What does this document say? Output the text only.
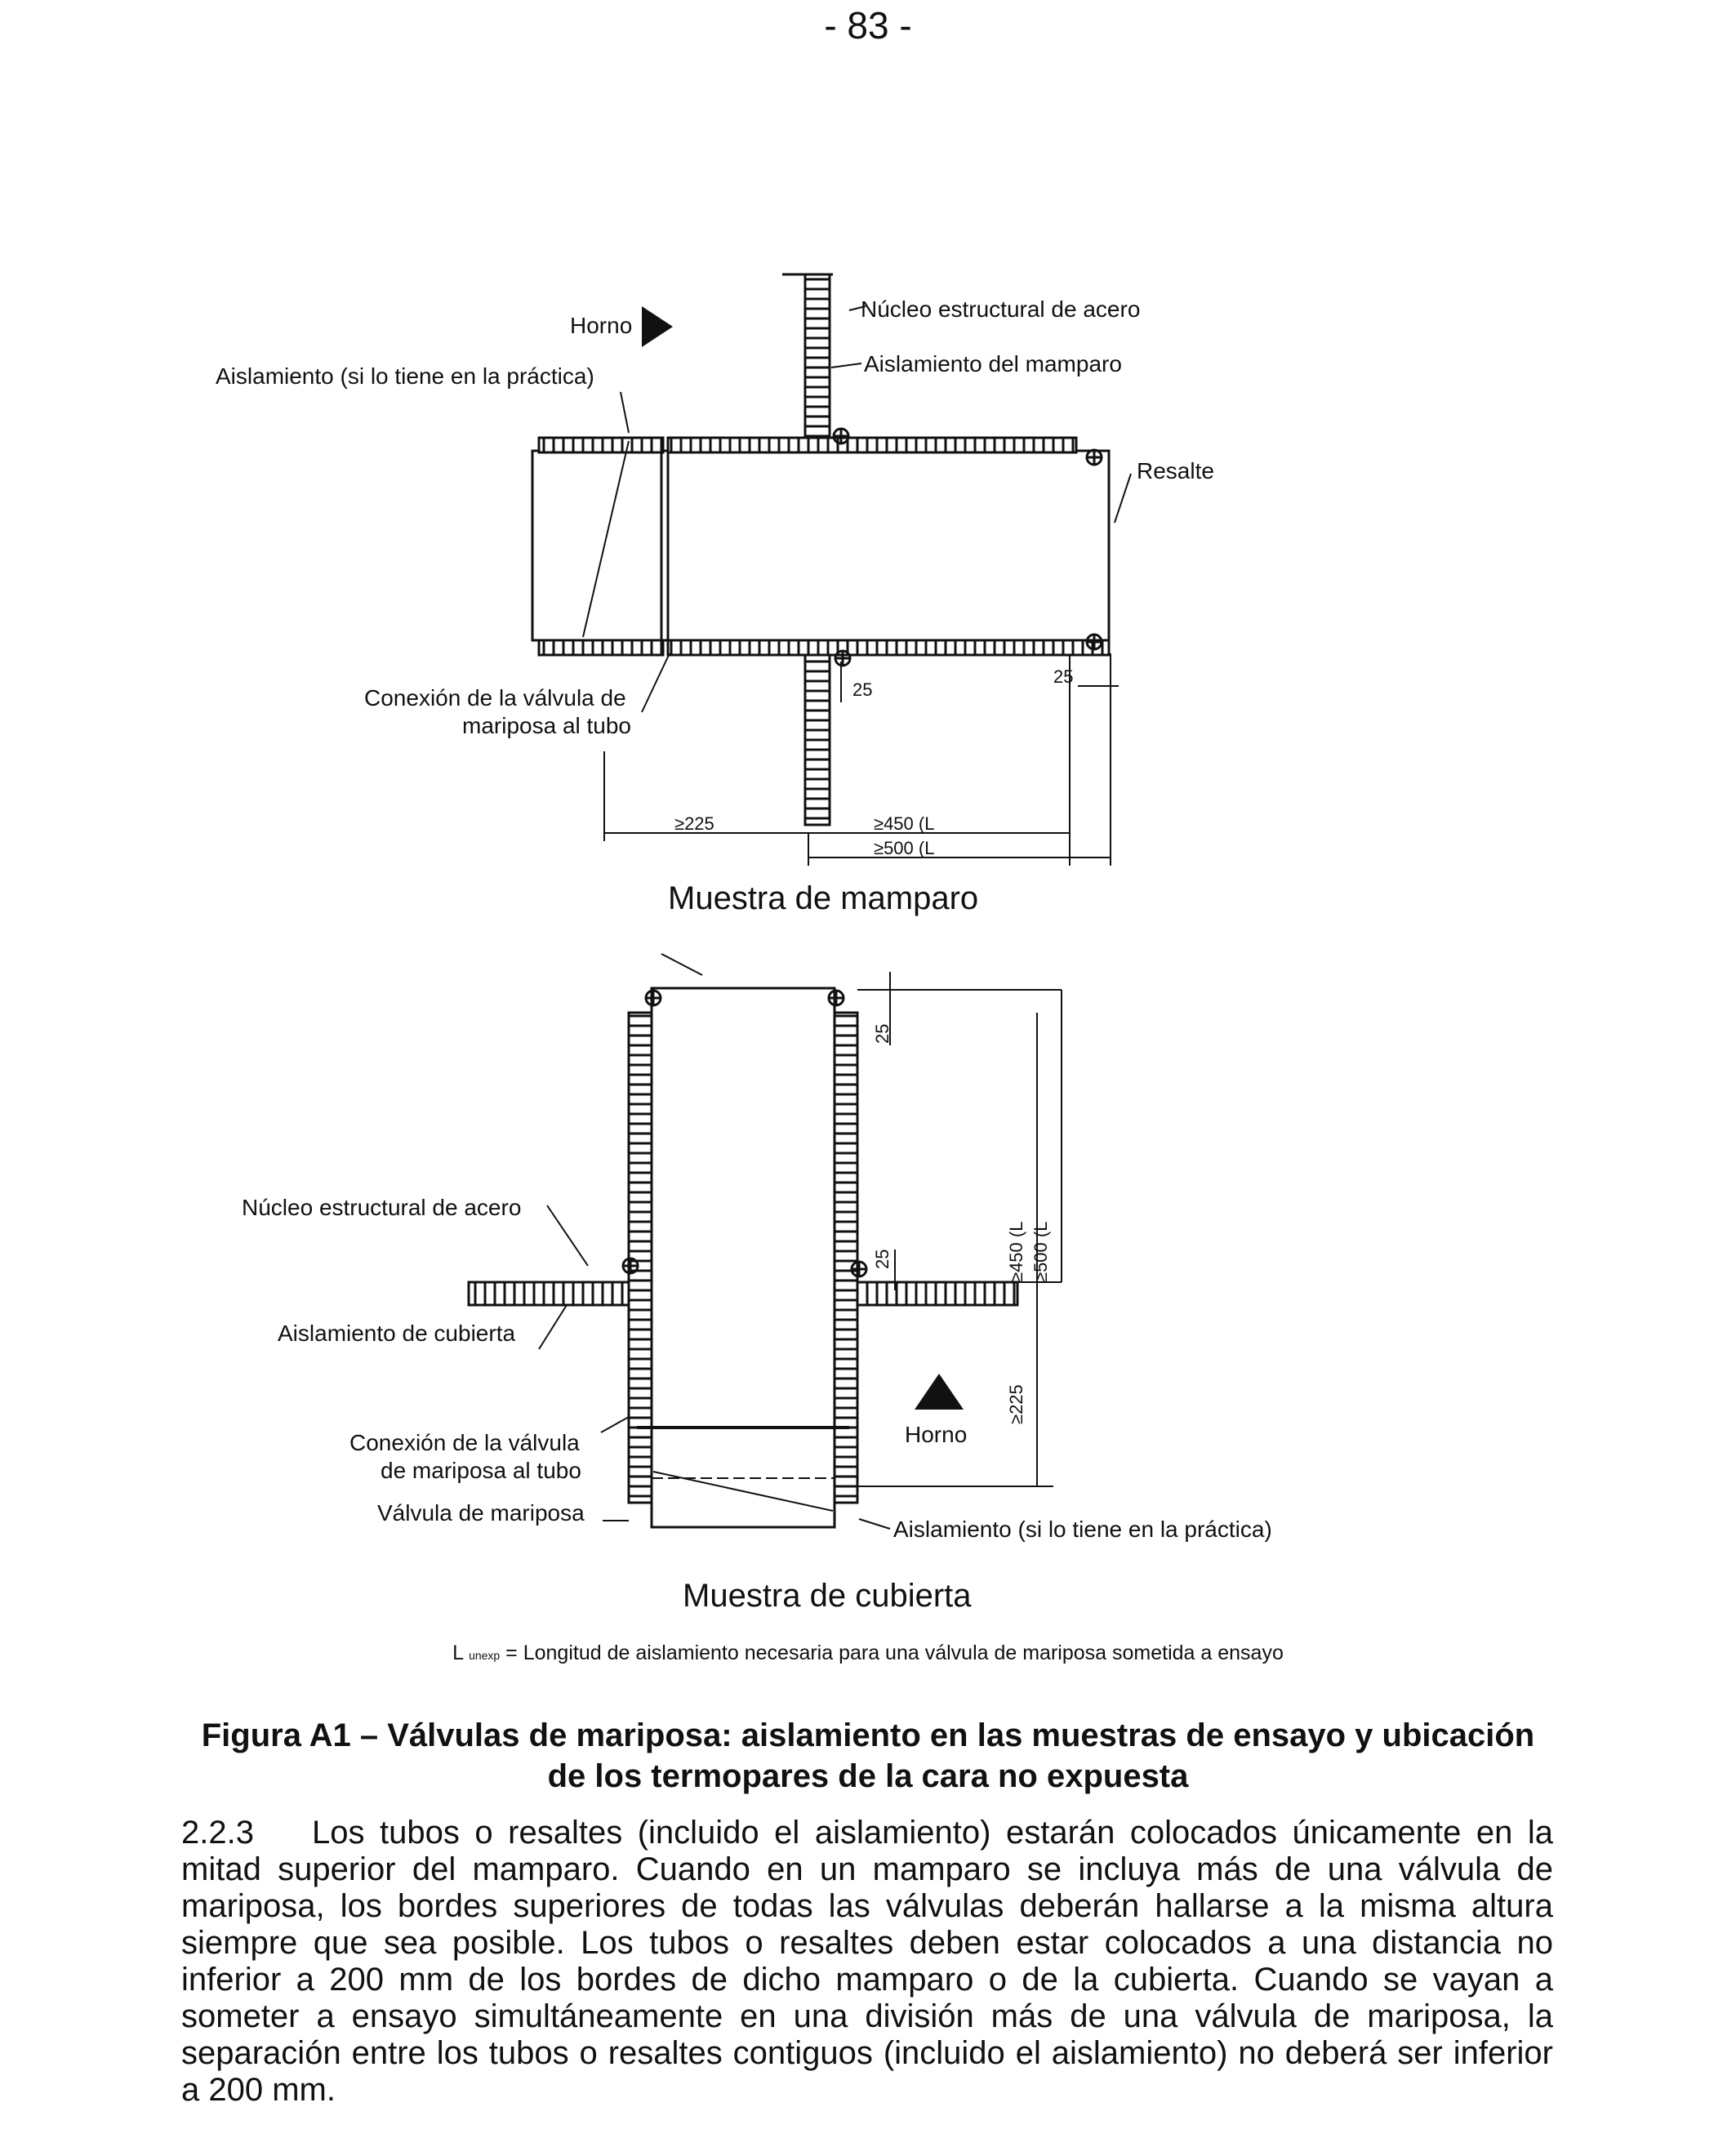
- 83 -
Horno
Núcleo estructural de acero
Aislamiento del mamparo
Aislamiento (si lo tiene en la práctica)
Resalte
Conexión de la válvula de
mariposa al tubo
25
25
≥225	≥450 (L
≥500 (L
Muestra de mamparo
25
25	≥450 (L ≥500 (L
≥225
Núcleo estructural de acero
Aislamiento de cubierta
Conexión de la válvula
de mariposa al tubo
Válvula de mariposa
Aislamiento (si lo tiene en la práctica)
Horno
Muestra de cubierta
L unexp = Longitud de aislamiento necesaria para una válvula de mariposa sometida a ensayo
Figura A1 – Válvulas de mariposa: aislamiento en las muestras de ensayo y ubicación
de los termopares de la cara no expuesta
2.2.3 Los tubos o resaltes (incluido el aislamiento) estarán colocados únicamente en la mitad superior del mamparo. Cuando en un mamparo se incluya más de una válvula de mariposa, los bordes superiores de todas las válvulas deberán hallarse a la misma altura siempre que sea posible. Los tubos o resaltes deben estar colocados a una distancia no inferior a 200 mm de los bordes de dicho mamparo o de la cubierta. Cuando se vayan a someter a ensayo simultáneamente en una división más de una válvula de mariposa, la separación entre los tubos o resaltes contiguos (incluido el aislamiento) no deberá ser inferior a 200 mm.
